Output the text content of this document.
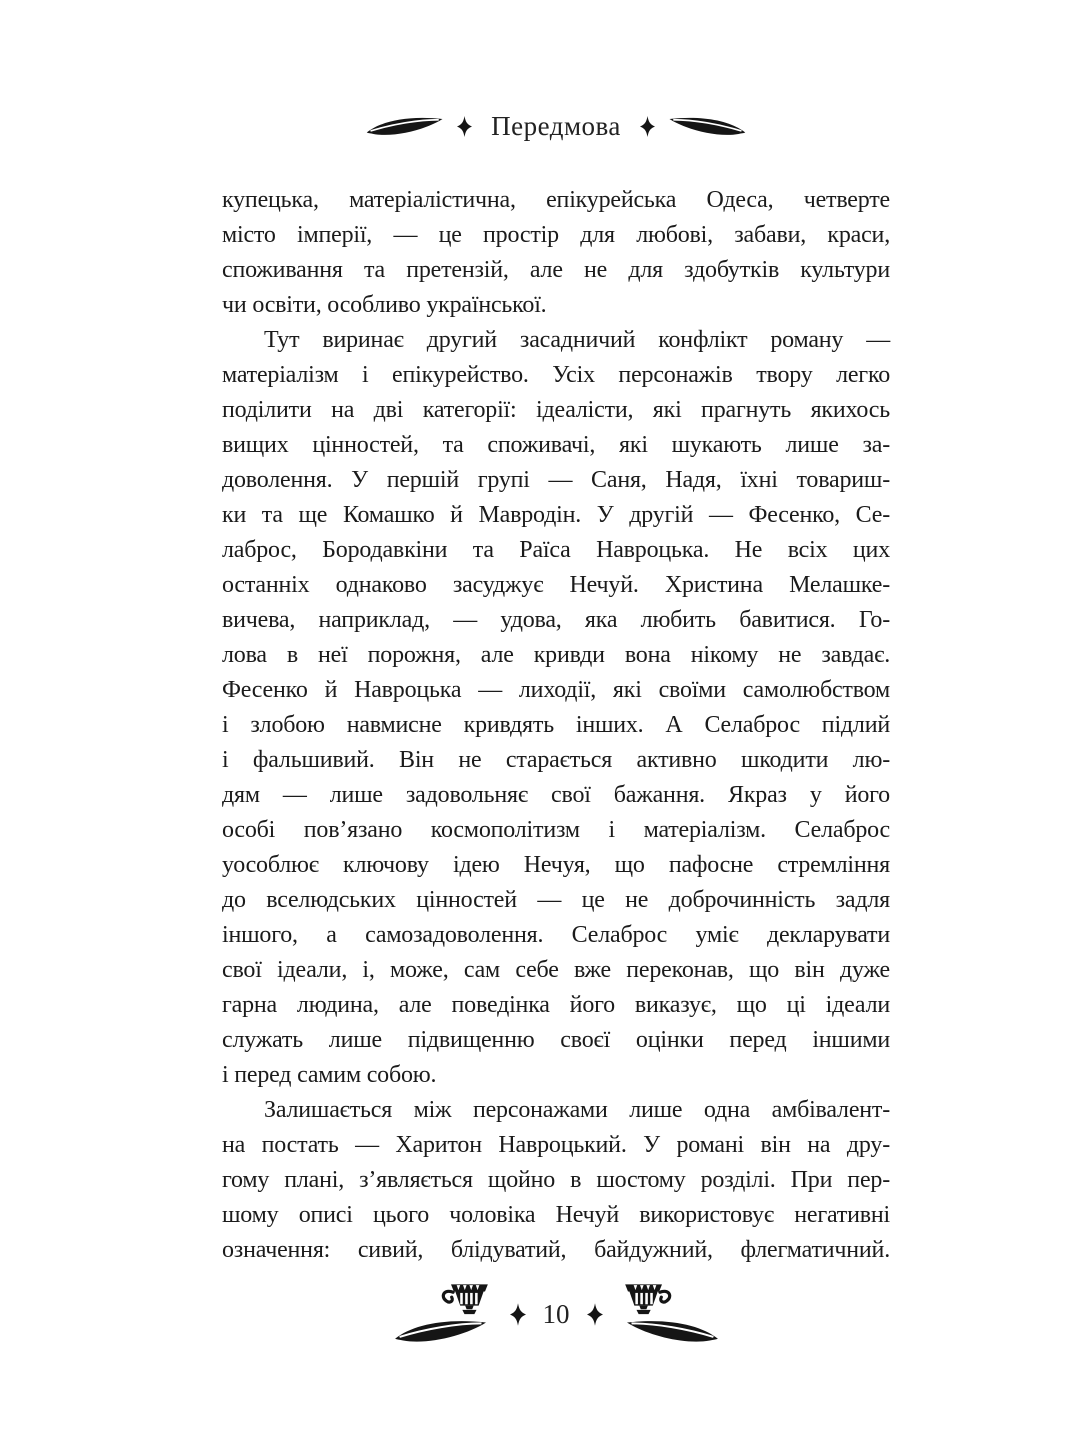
Передмова

купецька, матеріалістична, епікурейська Одеса, четверте
місто імперії, — це простір для любові, забави, краси,
споживання та претензій, але не для здобутків культури
чи освіти, особливо української.

Тут виринає другий засадничий конфлікт роману —
матеріалізм і епікурейство. Усіх персонажів твору легко
поділити на дві категорії: ідеалісти, які прагнуть якихось
вищих цінностей, та споживачі, які шукають лише за-
доволення. У першій групі — Саня, Надя, їхні товариш-
ки та ще Комашко й Мавродін. У другій — Фесенко, Се-
лаброс, Бородавкіни та Раїса Навроцька. Не всіх цих
останніх однаково засуджує Нечуй. Христина Мелашке-
вичева, наприклад, — удова, яка любить бавитися. Го-
лова в неї порожня, але кривди вона нікому не завдає.
Фесенко й Навроцька — лиходії, які своїми самолюбством
і злобою навмисне кривдять інших. А Селаброс підлий
і фальшивий. Він не старається активно шкодити лю-
дям — лише задовольняє свої бажання. Якраз у його
особі пов’язано космополітизм і матеріалізм. Селаброс
уособлює ключову ідею Нечуя, що пафосне стремління
до вселюдських цінностей — це не доброчинність задля
іншого, а самозадоволення. Селаброс уміє декларувати
свої ідеали, і, може, сам себе вже переконав, що він дуже
гарна людина, але поведінка його виказує, що ці ідеали
служать лише підвищенню своєї оцінки перед іншими
і перед самим собою.

Залишається між персонажами лише одна амбівалент-
на постать — Харитон Навроцький. У романі він на дру-
гому плані, з’являється щойно в шостому розділі. При пер-
шому описі цього чоловіка Нечуй використовує негативні
означення: сивий, блідуватий, байдужний, флегматичний.

10
